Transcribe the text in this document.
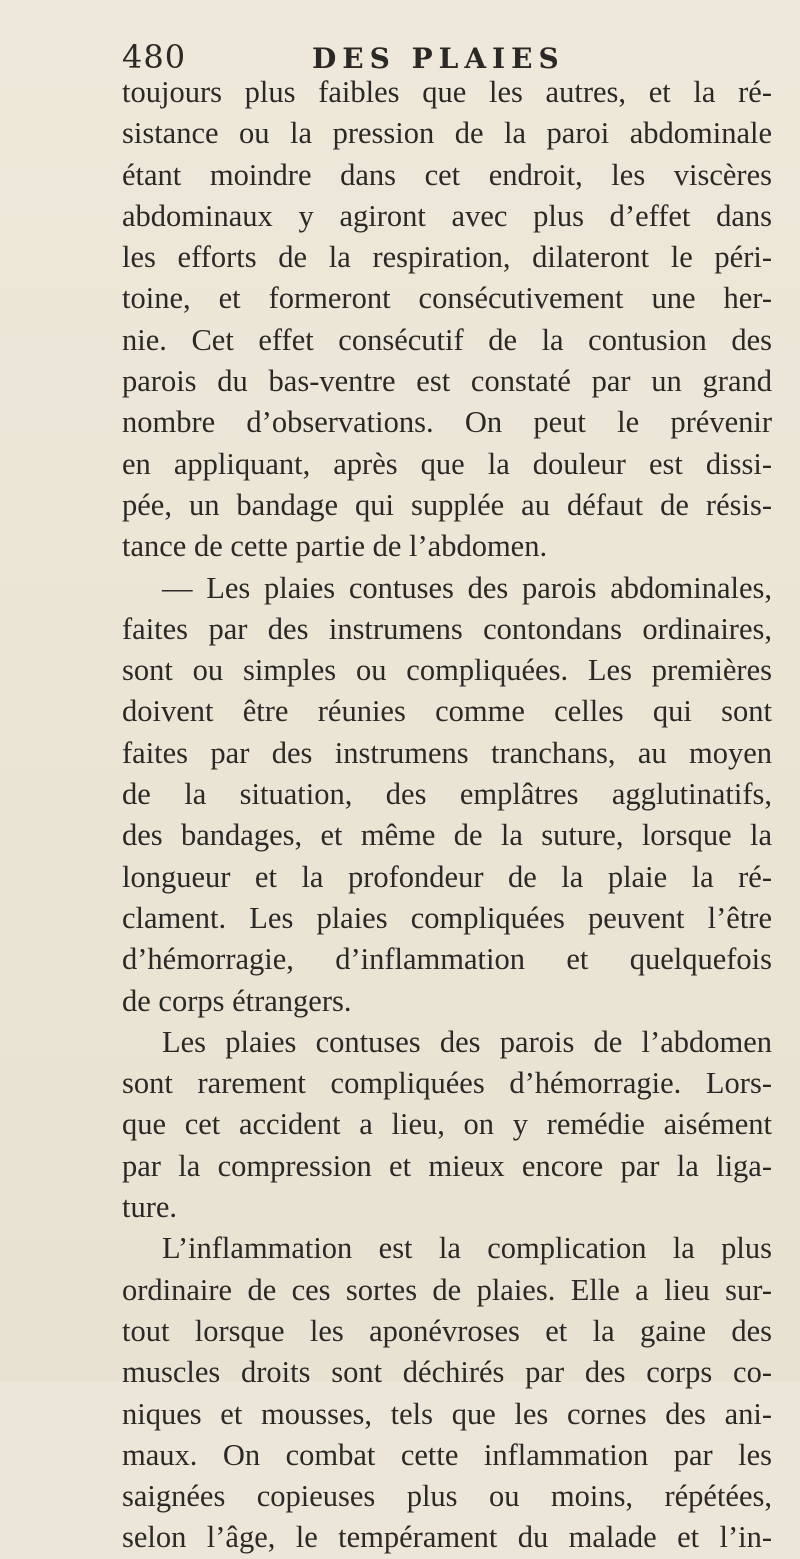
480	DES PLAIES
toujours plus faibles que les autres, et la ré-
sistance ou la pression de la paroi abdominale
étant moindre dans cet endroit, les viscères
abdominaux y agiront avec plus d’effet dans
les efforts de la respiration, dilateront le péri-
toine, et formeront consécutivement une her-
nie. Cet effet consécutif de la contusion des
parois du bas-ventre est constaté par un grand
nombre d’observations. On peut le prévenir
en appliquant, après que la douleur est dissi-
pée, un bandage qui supplée au défaut de résis-
tance de cette partie de l’abdomen.
— Les plaies contuses des parois abdominales,
faites par des instrumens contondans ordinaires,
sont ou simples ou compliquées. Les premières
doivent être réunies comme celles qui sont
faites par des instrumens tranchans, au moyen
de la situation, des emplâtres agglutinatifs,
des bandages, et même de la suture, lorsque la
longueur et la profondeur de la plaie la ré-
clament. Les plaies compliquées peuvent l’être
d’hémorragie, d’inflammation et quelquefois
de corps étrangers.
Les plaies contuses des parois de l’abdomen
sont rarement compliquées d’hémorragie. Lors-
que cet accident a lieu, on y remédie aisément
par la compression et mieux encore par la liga-
ture.
L’inflammation est la complication la plus
ordinaire de ces sortes de plaies. Elle a lieu sur-
tout lorsque les aponévroses et la gaine des
muscles droits sont déchirés par des corps co-
niques et mousses, tels que les cornes des ani-
maux. On combat cette inflammation par les
saignées copieuses plus ou moins, répétées,
selon l’âge, le tempérament du malade et l’in-
